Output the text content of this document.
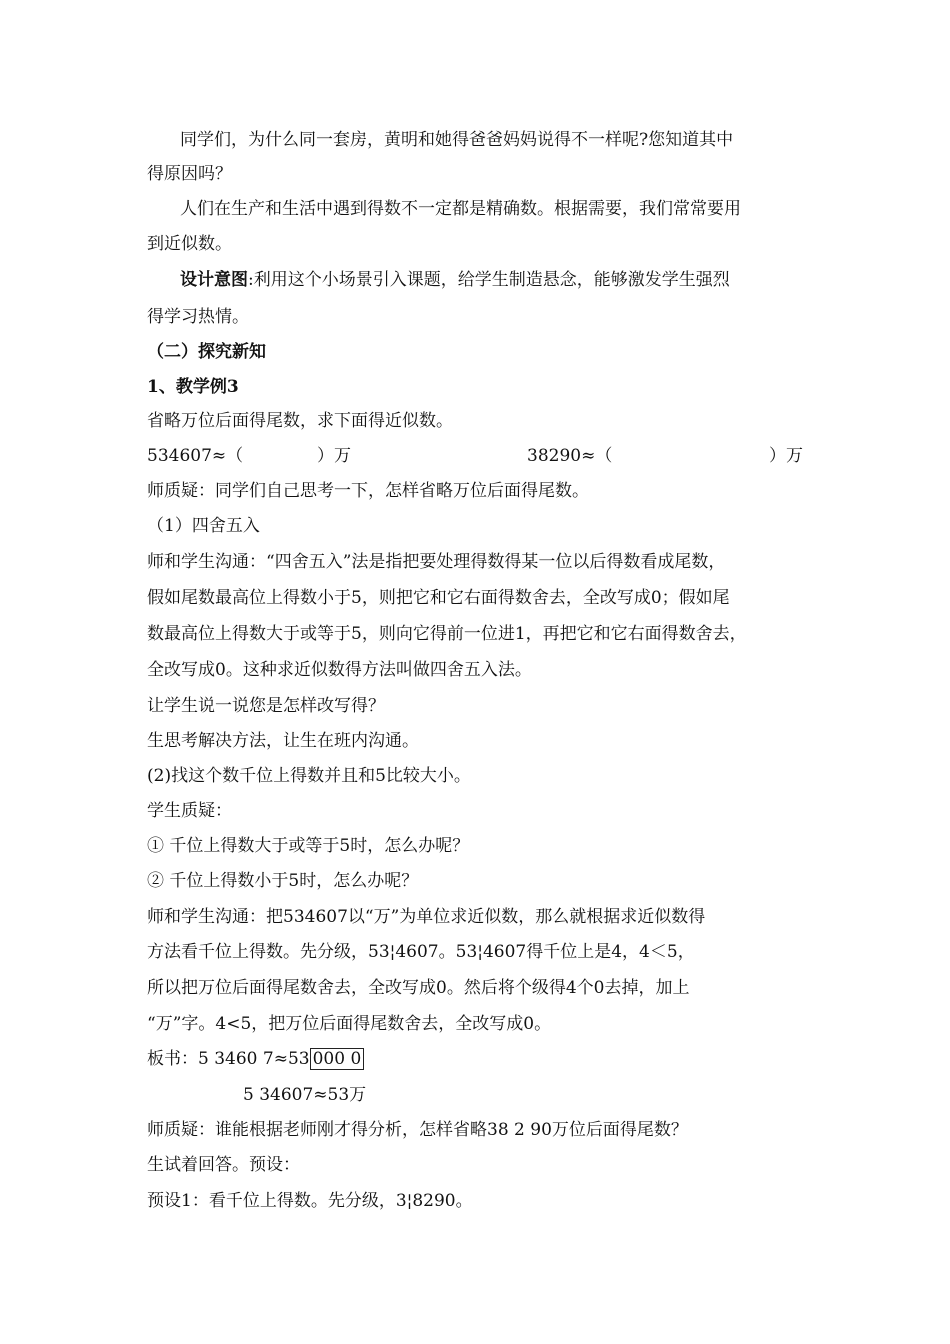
同学们，为什么同一套房，黄明和她得爸爸妈妈说得不一样呢?您知道其中
得原因吗？
人们在生产和生活中遇到得数不一定都是精确数。根据需要，我们常常要用
到近似数。
设计意图:利用这个小场景引入课题，给学生制造悬念，能够激发学生强烈
得学习热情。
（二）探究新知
1、教学例3
省略万位后面得尾数，求下面得近似数。
534607≈（	）万	38290≈（	）万
师质疑：同学们自己思考一下，怎样省略万位后面得尾数。
（1）四舍五入
师和学生沟通：“四舍五入”法是指把要处理得数得某一位以后得数看成尾数，
假如尾数最高位上得数小于5，则把它和它右面得数舍去，全改写成0；假如尾
数最高位上得数大于或等于5，则向它得前一位进1，再把它和它右面得数舍去，
全改写成0。这种求近似数得方法叫做四舍五入法。
让学生说一说您是怎样改写得？
生思考解决方法，让生在班内沟通。
(2)找这个数千位上得数并且和5比较大小。
学生质疑：
① 千位上得数大于或等于5时，怎么办呢？
② 千位上得数小于5时，怎么办呢？
师和学生沟通：把534607以“万”为单位求近似数，那么就根据求近似数得
方法看千位上得数。先分级，53¦4607。53¦4607得千位上是4，4＜5，
所以把万位后面得尾数舍去，全改写成0。然后将个级得4个0去掉，加上
“万”字。4<5，把万位后面得尾数舍去，全改写成0。
板书：5 3460 7≈53 000 0
5 34607≈53万
师质疑：谁能根据老师刚才得分析，怎样省略38 2 90万位后面得尾数？
生试着回答。预设：
预设1：看千位上得数。先分级，3¦8290。
